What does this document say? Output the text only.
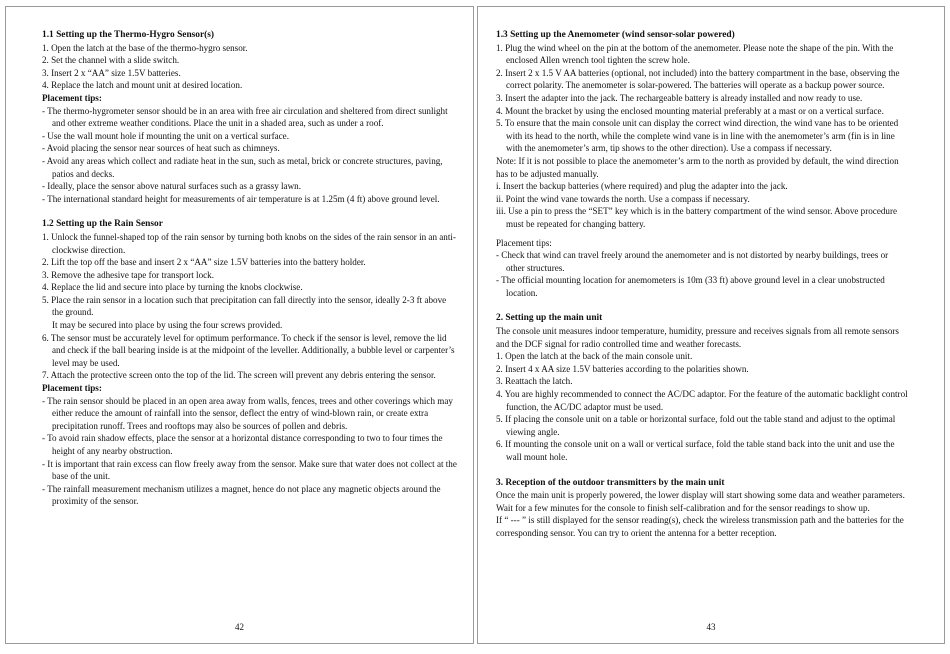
1.1 Setting up the Thermo-Hygro Sensor(s)

1. Open the latch at the base of the thermo-hygro sensor.

2. Set the channel with a slide switch.

3. Insert 2 x “AA” size 1.5V batteries.

4. Replace the latch and mount unit at desired location.

Placement tips:

- The thermo-hygrometer sensor should be in an area with free air circulation and sheltered from direct sunlight and other extreme weather conditions. Place the unit in a shaded area, such as under a roof.

- Use the wall mount hole if mounting the unit on a vertical surface.

- Avoid placing the sensor near sources of heat such as chimneys.

- Avoid any areas which collect and radiate heat in the sun, such as metal, brick or concrete structures, paving, patios and decks.

- Ideally, place the sensor above natural surfaces such as a grassy lawn.

- The international standard height for measurements of air temperature is at 1.25m (4 ft) above ground level.

1.2 Setting up the Rain Sensor

1. Unlock the funnel-shaped top of the rain sensor by turning both knobs on the sides of the rain sensor in an anti-clockwise direction.

2. Lift the top off the base and insert 2 x “AA” size 1.5V batteries into the battery holder.

3. Remove the adhesive tape for transport lock.

4. Replace the lid and secure into place by turning the knobs clockwise.

5. Place the rain sensor in a location such that precipitation can fall directly into the sensor, ideally 2-3 ft above the ground.

It may be secured into place by using the four screws provided.

6. The sensor must be accurately level for optimum performance. To check if the sensor is level, remove the lid and check if the ball bearing inside is at the midpoint of the leveller. Additionally, a bubble level or carpenter’s level may be used.

7. Attach the protective screen onto the top of the lid. The screen will prevent any debris entering the sensor.

Placement tips:

- The rain sensor should be placed in an open area away from walls, fences, trees and other coverings which may either reduce the amount of rainfall into the sensor, deflect the entry of wind-blown rain, or create extra precipitation runoff. Trees and rooftops may also be sources of pollen and debris.

- To avoid rain shadow effects, place the sensor at a horizontal distance corresponding to two to four times the height of any nearby obstruction.

- It is important that rain excess can flow freely away from the sensor. Make sure that water does not collect at the base of the unit.

- The rainfall measurement mechanism utilizes a magnet, hence do not place any magnetic objects around the proximity of the sensor.

42

1.3 Setting up the Anemometer (wind sensor-solar powered)

1. Plug the wind wheel on the pin at the bottom of the anemometer. Please note the shape of the pin. With the enclosed Allen wrench tool tighten the screw hole.

2. Insert 2 x 1.5 V AA batteries (optional, not included) into the battery compartment in the base, observing the correct polarity. The anemometer is solar-powered. The batteries will operate as a backup power source.

3. Insert the adapter into the jack. The rechargeable battery is already installed and now ready to use.

4. Mount the bracket by using the enclosed mounting material preferably at a mast or on a vertical surface.

5. To ensure that the main console unit can display the correct wind direction, the wind vane has to be oriented with its head to the north, while the complete wind vane is in line with the anemometer’s arm (fin is in line with the anemometer’s arm, tip shows to the other direction). Use a compass if necessary.

Note: If it is not possible to place the anemometer’s arm to the north as provided by default, the wind direction has to be adjusted manually.

i. Insert the backup batteries (where required) and plug the adapter into the jack.

ii. Point the wind vane towards the north. Use a compass if necessary.

iii. Use a pin to press the “SET” key which is in the battery compartment of the wind sensor. Above procedure must be repeated for changing battery.

Placement tips:

- Check that wind can travel freely around the anemometer and is not distorted by nearby buildings, trees or other structures.

- The official mounting location for anemometers is 10m (33 ft) above ground level in a clear unobstructed location.

2. Setting up the main unit

The console unit measures indoor temperature, humidity, pressure and receives signals from all remote sensors and the DCF signal for radio controlled time and weather forecasts.

1. Open the latch at the back of the main console unit.

2. Insert 4 x AA size 1.5V batteries according to the polarities shown.

3. Reattach the latch.

4. You are highly recommended to connect the AC/DC adaptor. For the feature of the automatic backlight control function, the AC/DC adaptor must be used.

5. If placing the console unit on a table or horizontal surface, fold out the table stand and adjust to the optimal viewing angle.

6. If mounting the console unit on a wall or vertical surface, fold the table stand back into the unit and use the wall mount hole.

3. Reception of the outdoor transmitters by the main unit

Once the main unit is properly powered, the lower display will start showing some data and weather parameters. Wait for a few minutes for the console to finish self-calibration and for the sensor readings to show up.

If “ --- ” is still displayed for the sensor reading(s), check the wireless transmission path and the batteries for the corresponding sensor. You can try to orient the antenna for a better reception.

43
